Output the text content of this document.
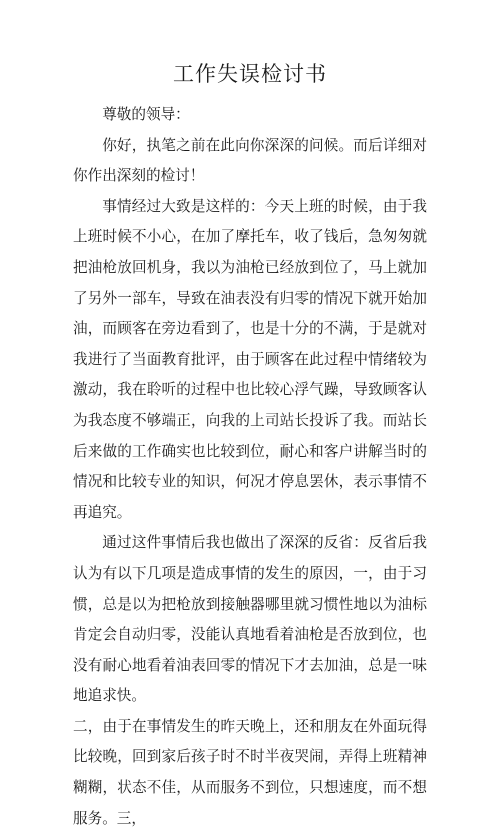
工作失误检讨书

尊敬的领导：

你好，执笔之前在此向你深深的问候。而后详细对你作出深刻的检讨！

事情经过大致是这样的：今天上班的时候，由于我上班时候不小心，在加了摩托车，收了钱后，急匆匆就把油枪放回机身，我以为油枪已经放到位了，马上就加了另外一部车，导致在油表没有归零的情况下就开始加油，而顾客在旁边看到了，也是十分的不满，于是就对我进行了当面教育批评，由于顾客在此过程中情绪较为激动，我在聆听的过程中也比较心浮气躁，导致顾客认为我态度不够端正，向我的上司站长投诉了我。而站长后来做的工作确实也比较到位，耐心和客户讲解当时的情况和比较专业的知识，何况才停息罢休，表示事情不再追究。

通过这件事情后我也做出了深深的反省：反省后我认为有以下几项是造成事情的发生的原因，一，由于习惯，总是以为把枪放到接触器哪里就习惯性地以为油标肯定会自动归零，没能认真地看着油枪是否放到位，也没有耐心地看着油表回零的情况下才去加油，总是一味地追求快。

二，由于在事情发生的昨天晚上，还和朋友在外面玩得比较晚，回到家后孩子时不时半夜哭闹，弄得上班精神糊糊，状态不佳，从而服务不到位，只想速度，而不想服务。三，
